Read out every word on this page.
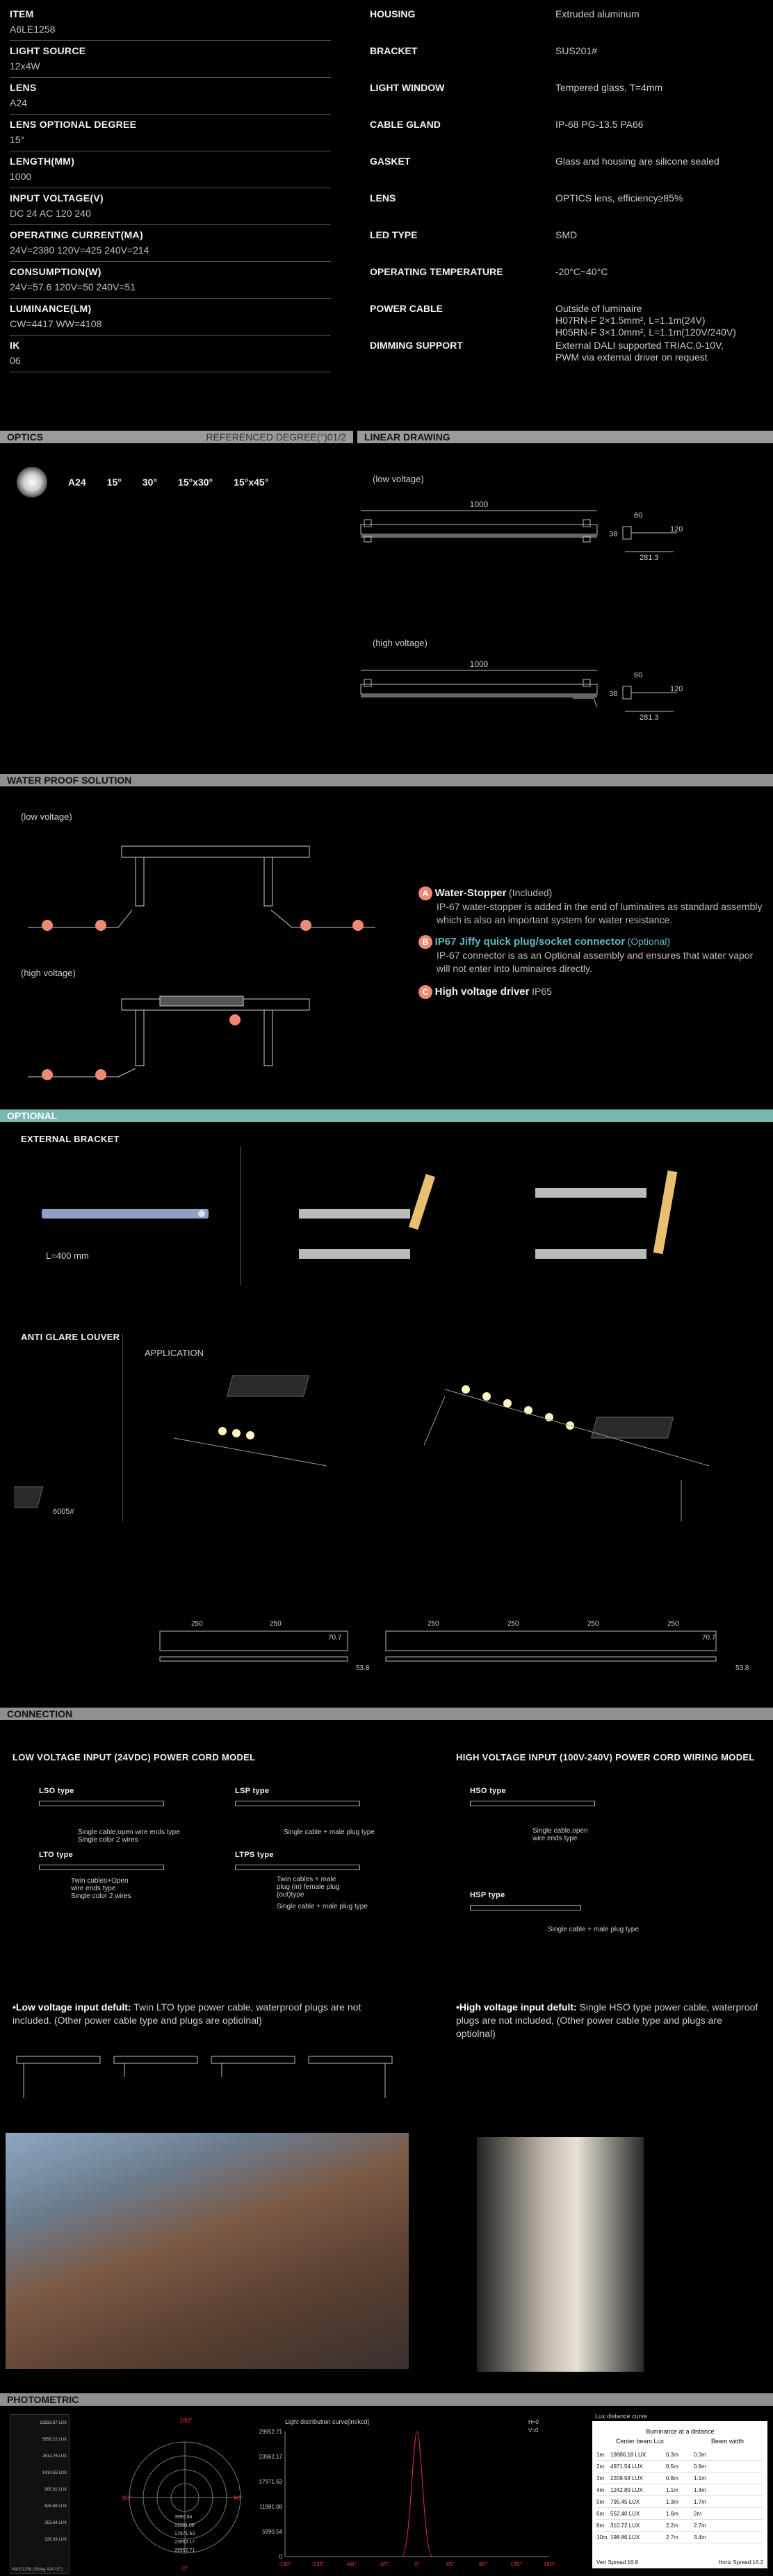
ITEM
A6LE1258
LIGHT SOURCE
12x4W
LENS
A24
LENS OPTIONAL DEGREE
15°
LENGTH(MM)
1000
INPUT VOLTAGE(V)
DC 24 AC 120 240
OPERATING CURRENT(MA)
24V=2380 120V=425 240V=214
CONSUMPTION(W)
24V=57.6 120V=50 240V=51
LUMINANCE(LM)
CW=4417 WW=4108
IK
06
HOUSING	Extruded aluminum
BRACKET	SUS201#
LIGHT WINDOW	Tempered glass, T=4mm
CABLE GLAND	IP-68 PG-13.5 PA66
GASKET	Glass and housing are silicone sealed
LENS	OPTICS lens, efficiency≥85%
LED TYPE	SMD
OPERATING TEMPERATURE	-20°C~40°C
POWER CABLE	Outside of luminaire
H07RN-F 2×1.5mm², L=1.1m(24V)
H05RN-F 3×1.0mm², L=1.1m(120V/240V)
DIMMING SUPPORT	External DALI supported TRIAC,0-10V,
PWM via external driver on request
OPTICS	REFERENCED DEGREE(°)01/2
A24 15° 30° 15°x30° 15°x45°
LINEAR DRAWING
(low voltage)
(high voltage)
1000
38
120
60
281.3
1000
38
120
60
281.3
WATER PROOF SOLUTION
(low voltage)
(high voltage)
A Water-Stopper (Included)
IP-67 water-stopper is added in the end of luminaires as standard assembly which is also an important system for water resistance.
B IP67 Jiffy quick plug/socket connector (Optional)
IP-67 connector is as an Optional assembly and ensures that water vapor will not enter into luminaires directly.
C High voltage driver IP65
OPTIONAL
EXTERNAL BRACKET
L=400 mm
ANTI GLARE LOUVER
APPLICATION
6005#
250	250	250	250	250	250
70.7	70.7
53.8	53.8
CONNECTION
LOW VOLTAGE INPUT (24VDC) POWER CORD MODEL	HIGH VOLTAGE INPUT (100V-240V) POWER CORD WIRING MODEL
LSO type
Single cable,open wire ends type
Single color 2 wires
LSP type
Single cable + male plug type
LTO type
Twin cables+Open
wire ends type
Single color 2 wires
LTPS type
Twin cables + male
plug (in) female plug
(out)type
Single cable + male plug type
HSO type
Single cable,open
wire ends type
HSP type
Single cable + male plug type
•Low voltage input defult: Twin LTO type power cable, waterproof plugs are not included. (Other power cable type and plugs are optiolnal)
•High voltage input defult: Single HSO type power cable, waterproof plugs are not included, (Other power cable type and plugs are optiolnal)
PHOTOMETRIC
22632.87 LUX
5658.22 LUX
2514.76 LUX
1414.55 LUX
905.31 LUX
628.69 LUX
353.64 LUX
226.33 LUX
A6LE1258 (15deg A24 15°)
180°
90°	90°
0°
3990.54
11981.08
17971.63
23962.17
29952.71
Light distribution curve[lm/kcd]	H=0
V=0
29952.71
23962.17
17971.63
11981.08
5990.54
0
-180°	-135°	-90°	-45°	0°	45°	90°	135°	180°
Lux distance curve
Illuminance at a distance
Center beam Lux	Beam width
1m	19886.18 LUX	0.3m	0.3m
2m	4971.54 LUX	0.5m	0.9m
3m	2209.58 LUX	0.8m	1.1m
4m	1242.89 LUX	1.1m	1.4m
5m	795.45 LUX	1.3m	1.7m
6m	552.40 LUX	1.6m	2m
8m	310.72 LUX	2.2m	2.7m
10m 198.86 LUX	2.7m	3.4m
Vert Spread:16.8	Horiz Spread:16.2
